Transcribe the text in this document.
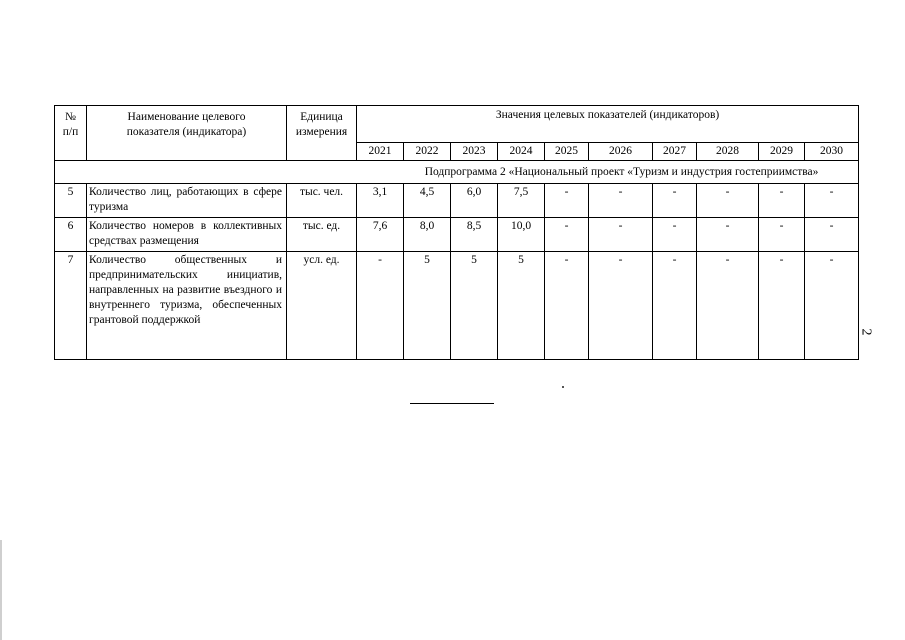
№
п/п	Наименование целевого показателя (индикатора)	Единица измерения	Значения целевых показателей (индикаторов)									
			2021	2022	2023	2024	2025	2026	2027	2028	2029	2030
Подпрограмма 2 «Национальный проект «Туризм и индустрия гостеприимства»												
5	Количество лиц, работающих в сфере туризма	тыс. чел.	3,1	4,5	6,0	7,5	-	-	-	-	-	-
6	Количество номеров в коллективных средствах размещения	тыс. ед.	7,6	8,0	8,5	10,0	-	-	-	-	-	-
7	Количество общественных и предпринимательских инициатив, направленных на развитие въездного и внутреннего туризма, обеспеченных грантовой поддержкой	усл. ед.	-	5	5	5	-	-	-	-	-	-
2
